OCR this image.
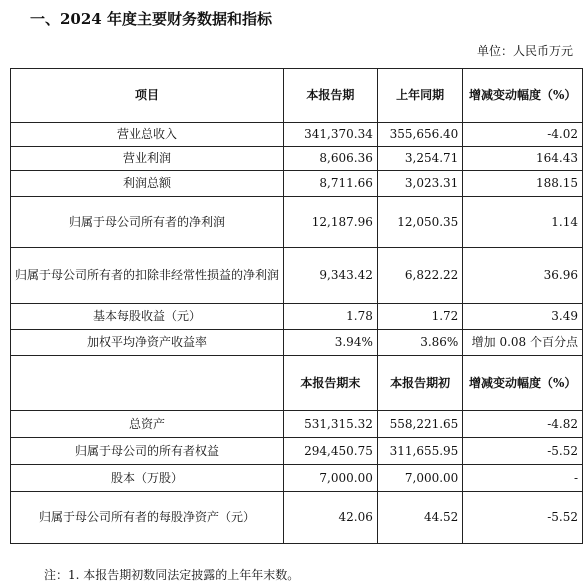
一、2024 年度主要财务数据和指标
单位：人民币万元
项目	本报告期	上年同期	增减变动幅度（%）
营业总收入	341,370.34	355,656.40	-4.02
营业利润	8,606.36	3,254.71	164.43
利润总额	8,711.66	3,023.31	188.15
归属于母公司所有者的净利润	12,187.96	12,050.35	1.14
归属于母公司所有者的扣除非经常性损益的净利润	9,343.42	6,822.22	36.96
基本每股收益（元）	1.78	1.72	3.49
加权平均净资产收益率	3.94%	3.86%	增加 0.08 个百分点
	本报告期末	本报告期初	增减变动幅度（%）
总资产	531,315.32	558,221.65	-4.82
归属于母公司的所有者权益	294,450.75	311,655.95	-5.52
股本（万股）	7,000.00	7,000.00	-
归属于母公司所有者的每股净资产（元）	42.06	44.52	-5.52
注：1. 本报告期初数同法定披露的上年年末数。
